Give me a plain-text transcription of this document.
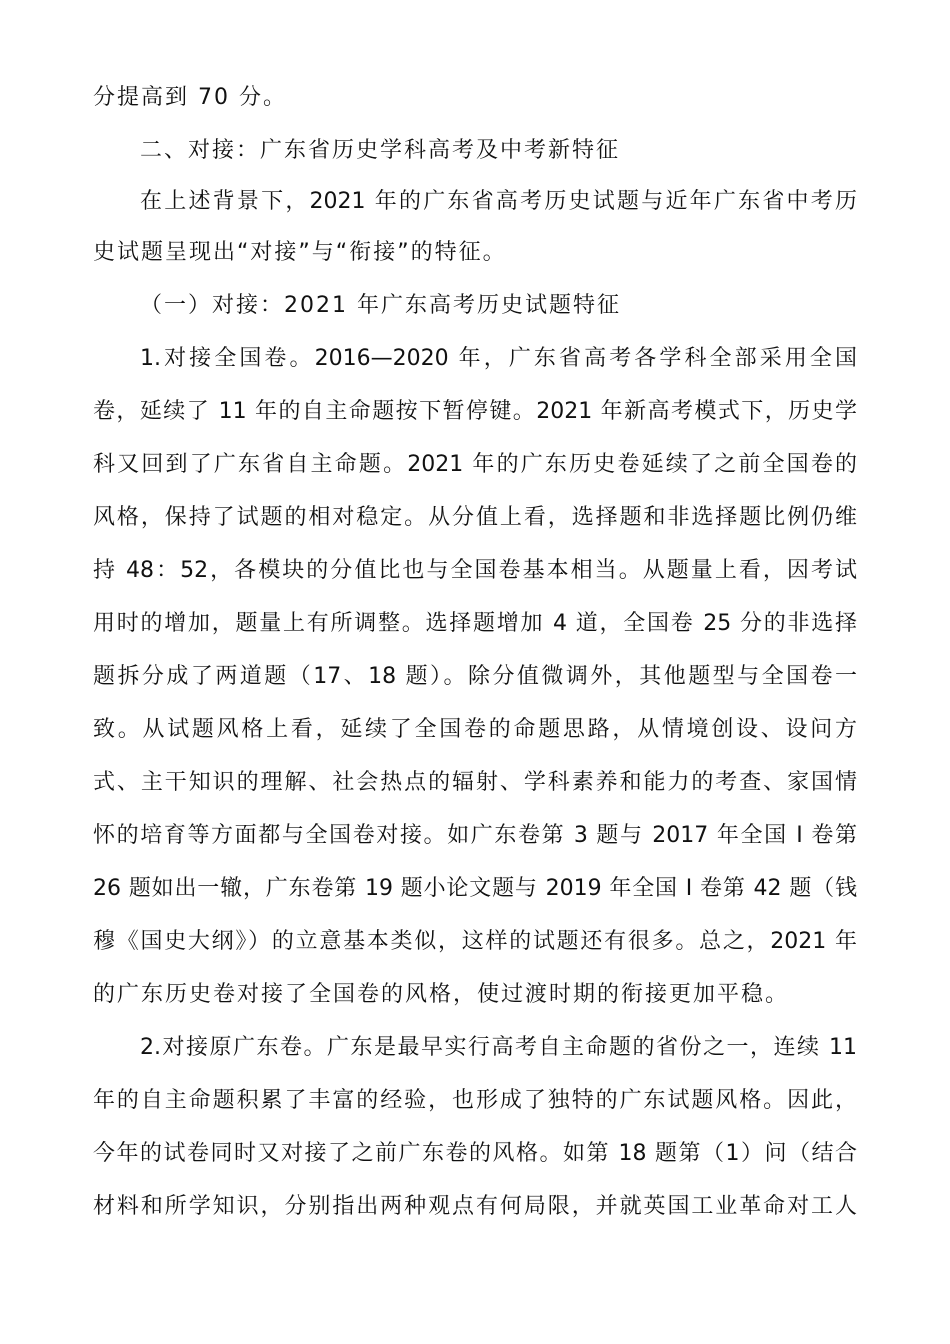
分提高到 70 分。
二、对接：广东省历史学科高考及中考新特征
在上述背景下，2021 年的广东省高考历史试题与近年广东省中考历
史试题呈现出“对接”与“衔接”的特征。
（一）对接：2021 年广东高考历史试题特征
1.对接全国卷。2016—2020 年，广东省高考各学科全部采用全国
卷，延续了 11 年的自主命题按下暂停键。2021 年新高考模式下，历史学
科又回到了广东省自主命题。2021 年的广东历史卷延续了之前全国卷的
风格，保持了试题的相对稳定。从分值上看，选择题和非选择题比例仍维
持 48：52，各模块的分值比也与全国卷基本相当。从题量上看，因考试
用时的增加，题量上有所调整。选择题增加 4 道，全国卷 25 分的非选择
题拆分成了两道题（17、18 题）。除分值微调外，其他题型与全国卷一
致。从试题风格上看，延续了全国卷的命题思路，从情境创设、设问方
式、主干知识的理解、社会热点的辐射、学科素养和能力的考查、家国情
怀的培育等方面都与全国卷对接。如广东卷第 3 题与 2017 年全国 I 卷第
26 题如出一辙，广东卷第 19 题小论文题与 2019 年全国 I 卷第 42 题（钱
穆《国史大纲》）的立意基本类似，这样的试题还有很多。总之，2021 年
的广东历史卷对接了全国卷的风格，使过渡时期的衔接更加平稳。
2.对接原广东卷。广东是最早实行高考自主命题的省份之一，连续 11
年的自主命题积累了丰富的经验，也形成了独特的广东试题风格。因此，
今年的试卷同时又对接了之前广东卷的风格。如第 18 题第（1）问（结合
材料和所学知识，分别指出两种观点有何局限，并就英国工业革命对工人
